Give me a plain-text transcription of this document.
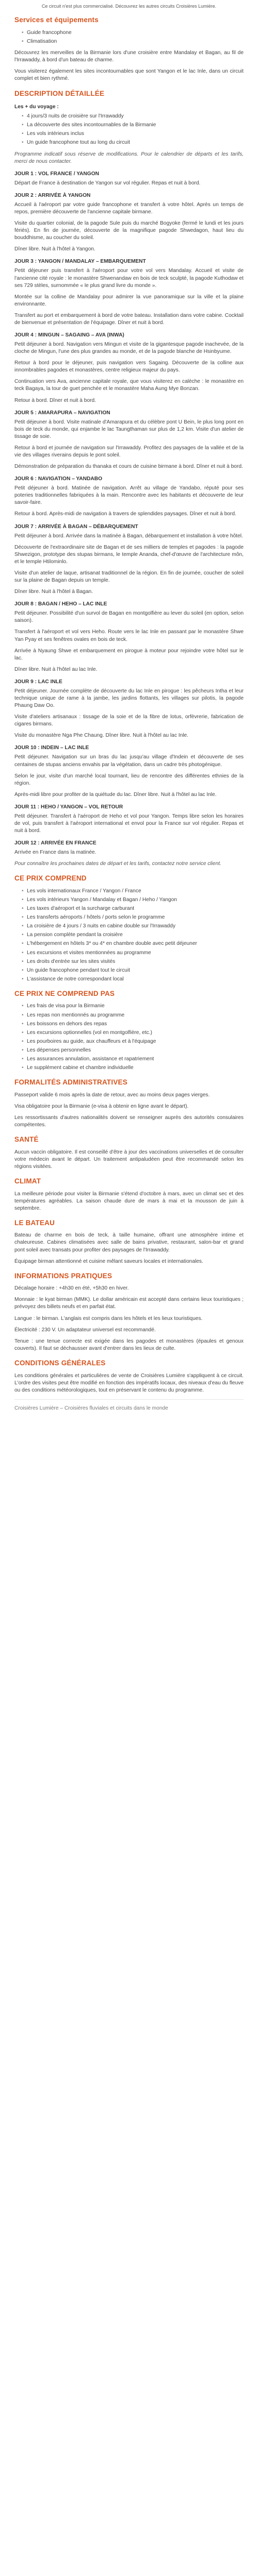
Ce circuit n'est plus commercialisé. Découvrez les autres circuits Croisières Lumière.
Services et équipements
• Guide francophone
• Climatisation

Découvrez les merveilles de la Birmanie lors d'une croisière entre Mandalay et Bagan, au fil de l'Irrawaddy, à bord d'un bateau de charme.

Vous visiterez également les sites incontournables que sont Yangon et le lac Inle, dans un circuit complet et bien rythmé.

DESCRIPTION DÉTAILLÉE
Les + du voyage :
• 4 jours/3 nuits de croisière sur l'Irrawaddy
• La découverte des sites incontournables de la Birmanie
• Les vols intérieurs inclus
• Un guide francophone tout au long du circuit

Programme indicatif sous réserve de modifications. Pour le calendrier de départs et les tarifs, merci de nous contacter.

JOUR 1 : VOL FRANCE / YANGON

Départ de France à destination de Yangon sur vol régulier. Repas et nuit à bord.

JOUR 2 : ARRIVÉE À YANGON

Accueil à l'aéroport par votre guide francophone et transfert à votre hôtel. Après un temps de repos, première découverte de l'ancienne capitale birmane.

Visite du quartier colonial, de la pagode Sule puis du marché Bogyoke (fermé le lundi et les jours fériés). En fin de journée, découverte de la magnifique pagode Shwedagon, haut lieu du bouddhisme, au coucher du soleil.

Dîner libre. Nuit à l'hôtel à Yangon.

JOUR 3 : YANGON / MANDALAY – EMBARQUEMENT

Petit déjeuner puis transfert à l'aéroport pour votre vol vers Mandalay. Accueil et visite de l'ancienne cité royale : le monastère Shwenandaw en bois de teck sculpté, la pagode Kuthodaw et ses 729 stèles, surnommée « le plus grand livre du monde ».

Montée sur la colline de Mandalay pour admirer la vue panoramique sur la ville et la plaine environnante.

Transfert au port et embarquement à bord de votre bateau. Installation dans votre cabine. Cocktail de bienvenue et présentation de l'équipage. Dîner et nuit à bord.

JOUR 4 : MINGUN – SAGAING – AVA (INWA)

Petit déjeuner à bord. Navigation vers Mingun et visite de la gigantesque pagode inachevée, de la cloche de Mingun, l'une des plus grandes au monde, et de la pagode blanche de Hsinbyume.

Retour à bord pour le déjeuner, puis navigation vers Sagaing. Découverte de la colline aux innombrables pagodes et monastères, centre religieux majeur du pays.

Continuation vers Ava, ancienne capitale royale, que vous visiterez en calèche : le monastère en teck Bagaya, la tour de guet penchée et le monastère Maha Aung Mye Bonzan.

Retour à bord. Dîner et nuit à bord.

JOUR 5 : AMARAPURA – NAVIGATION

Petit déjeuner à bord. Visite matinale d'Amarapura et du célèbre pont U Bein, le plus long pont en bois de teck du monde, qui enjambe le lac Taungthaman sur plus de 1,2 km. Visite d'un atelier de tissage de soie.

Retour à bord et journée de navigation sur l'Irrawaddy. Profitez des paysages de la vallée et de la vie des villages riverains depuis le pont soleil.

Démonstration de préparation du thanaka et cours de cuisine birmane à bord. Dîner et nuit à bord.

JOUR 6 : NAVIGATION – YANDABO

Petit déjeuner à bord. Matinée de navigation. Arrêt au village de Yandabo, réputé pour ses poteries traditionnelles fabriquées à la main. Rencontre avec les habitants et découverte de leur savoir-faire.

Retour à bord. Après-midi de navigation à travers de splendides paysages. Dîner et nuit à bord.

JOUR 7 : ARRIVÉE À BAGAN – DÉBARQUEMENT

Petit déjeuner à bord. Arrivée dans la matinée à Bagan, débarquement et installation à votre hôtel.

Découverte de l'extraordinaire site de Bagan et de ses milliers de temples et pagodes : la pagode Shwezigon, prototype des stupas birmans, le temple Ananda, chef-d'œuvre de l'architecture môn, et le temple Htilominlo.

Visite d'un atelier de laque, artisanat traditionnel de la région. En fin de journée, coucher de soleil sur la plaine de Bagan depuis un temple.

Dîner libre. Nuit à l'hôtel à Bagan.

JOUR 8 : BAGAN / HEHO – LAC INLE

Petit déjeuner. Possibilité d'un survol de Bagan en montgolfière au lever du soleil (en option, selon saison).

Transfert à l'aéroport et vol vers Heho. Route vers le lac Inle en passant par le monastère Shwe Yan Pyay et ses fenêtres ovales en bois de teck.

Arrivée à Nyaung Shwe et embarquement en pirogue à moteur pour rejoindre votre hôtel sur le lac.

Dîner libre. Nuit à l'hôtel au lac Inle.

JOUR 9 : LAC INLE

Petit déjeuner. Journée complète de découverte du lac Inle en pirogue : les pêcheurs Intha et leur technique unique de rame à la jambe, les jardins flottants, les villages sur pilotis, la pagode Phaung Daw Oo.

Visite d'ateliers artisanaux : tissage de la soie et de la fibre de lotus, orfèvrerie, fabrication de cigares birmans.

Visite du monastère Nga Phe Chaung. Dîner libre. Nuit à l'hôtel au lac Inle.

JOUR 10 : INDEIN – LAC INLE

Petit déjeuner. Navigation sur un bras du lac jusqu'au village d'Indein et découverte de ses centaines de stupas anciens envahis par la végétation, dans un cadre très photogénique.

Selon le jour, visite d'un marché local tournant, lieu de rencontre des différentes ethnies de la région.

Après-midi libre pour profiter de la quiétude du lac. Dîner libre. Nuit à l'hôtel au lac Inle.

JOUR 11 : HEHO / YANGON – VOL RETOUR

Petit déjeuner. Transfert à l'aéroport de Heho et vol pour Yangon. Temps libre selon les horaires de vol, puis transfert à l'aéroport international et envol pour la France sur vol régulier. Repas et nuit à bord.

JOUR 12 : ARRIVÉE EN FRANCE

Arrivée en France dans la matinée.

Pour connaître les prochaines dates de départ et les tarifs, contactez notre service client.

CE PRIX COMPREND
• Les vols internationaux France / Yangon / France
• Les vols intérieurs Yangon / Mandalay et Bagan / Heho / Yangon
• Les taxes d'aéroport et la surcharge carburant
• Les transferts aéroports / hôtels / ports selon le programme
• La croisière de 4 jours / 3 nuits en cabine double sur l'Irrawaddy
• La pension complète pendant la croisière
• L'hébergement en hôtels 3* ou 4* en chambre double avec petit déjeuner
• Les excursions et visites mentionnées au programme
• Les droits d'entrée sur les sites visités
• Un guide francophone pendant tout le circuit
• L'assistance de notre correspondant local
CE PRIX NE COMPREND PAS
• Les frais de visa pour la Birmanie
• Les repas non mentionnés au programme
• Les boissons en dehors des repas
• Les excursions optionnelles (vol en montgolfière, etc.)
• Les pourboires au guide, aux chauffeurs et à l'équipage
• Les dépenses personnelles
• Les assurances annulation, assistance et rapatriement
• Le supplément cabine et chambre individuelle
FORMALITÉS ADMINISTRATIVES

Passeport valide 6 mois après la date de retour, avec au moins deux pages vierges.

Visa obligatoire pour la Birmanie (e-visa à obtenir en ligne avant le départ).

Les ressortissants d'autres nationalités doivent se renseigner auprès des autorités consulaires compétentes.

SANTÉ

Aucun vaccin obligatoire. Il est conseillé d'être à jour des vaccinations universelles et de consulter votre médecin avant le départ. Un traitement antipaludéen peut être recommandé selon les régions visitées.

CLIMAT

La meilleure période pour visiter la Birmanie s'étend d'octobre à mars, avec un climat sec et des températures agréables. La saison chaude dure de mars à mai et la mousson de juin à septembre.

LE BATEAU

Bateau de charme en bois de teck, à taille humaine, offrant une atmosphère intime et chaleureuse. Cabines climatisées avec salle de bains privative, restaurant, salon-bar et grand pont soleil avec transats pour profiter des paysages de l'Irrawaddy.

Équipage birman attentionné et cuisine mêlant saveurs locales et internationales.

INFORMATIONS PRATIQUES

Décalage horaire : +4h30 en été, +5h30 en hiver.

Monnaie : le kyat birman (MMK). Le dollar américain est accepté dans certains lieux touristiques ; prévoyez des billets neufs et en parfait état.

Langue : le birman. L'anglais est compris dans les hôtels et les lieux touristiques.

Électricité : 230 V. Un adaptateur universel est recommandé.

Tenue : une tenue correcte est exigée dans les pagodes et monastères (épaules et genoux couverts). Il faut se déchausser avant d'entrer dans les lieux de culte.

CONDITIONS GÉNÉRALES

Les conditions générales et particulières de vente de Croisières Lumière s'appliquent à ce circuit. L'ordre des visites peut être modifié en fonction des impératifs locaux, des niveaux d'eau du fleuve ou des conditions météorologiques, tout en préservant le contenu du programme.

Croisières Lumière – Croisières fluviales et circuits dans le monde
